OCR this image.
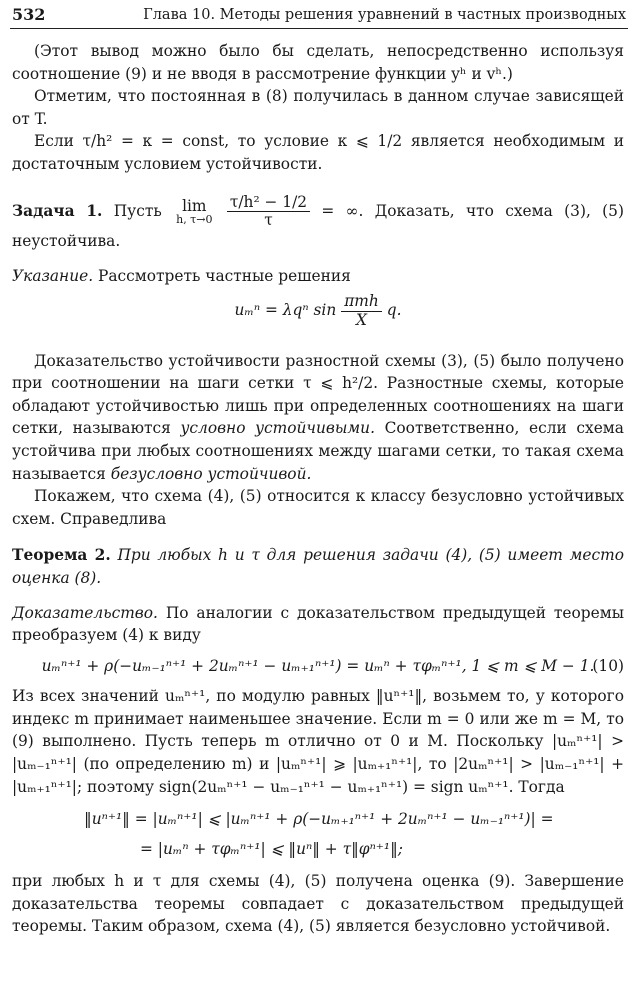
532	Глава 10. Методы решения уравнений в частных производных

(Этот вывод можно было бы сделать, непосредственно используя соотношение (9) и не вводя в рассмотрение функции yʰ и vʰ.)

Отметим, что постоянная в (8) получилась в данном случае зависящей от T.

Если τ/h² = κ = const, то условие κ ⩽ 1/2 является необходимым и достаточным условием устойчивости.

Задача 1. Пусть	lim
h, τ→0
$\frac{\text{τ/h² − 1/2}}{\tau}$ = ∞. Доказать, что схема (3), (5) неустойчива.

Указание. Рассмотреть частные решения

uₘⁿ = λqⁿ $\sin \frac{\text{πmh}}{X} q$.

Доказательство устойчивости разностной схемы (3), (5) было получено при соотношении на шаги сетки τ ⩽ h²/2. Разностные схемы, которые обладают устойчивостью лишь при определенных соотношениях на шаги сетки, называются условно устойчивыми. Соответственно, если схема устойчива при любых соотношениях между шагами сетки, то такая схема называется безусловно устойчивой.

Покажем, что схема (4), (5) относится к классу безусловно устойчивых схем. Справедлива

Теорема 2. При любых h и τ для решения задачи (4), (5) имеет место оценка (8).

Доказательство. По аналогии с доказательством предыдущей теоремы преобразуем (4) к виду

uₘⁿ⁺¹ + ρ(−uₘ₋₁ⁿ⁺¹ + 2uₘⁿ⁺¹ − uₘ₊₁ⁿ⁺¹) = uₘⁿ + τφₘⁿ⁺¹, 1 ⩽ m ⩽ M − 1.
(10)

Из всех значений uₘⁿ⁺¹, по модулю равных ‖uⁿ⁺¹‖, возьмем то, у которого индекс m принимает наименьшее значение. Если m = 0 или же m = M, то (9) выполнено. Пусть теперь m отлично от 0 и M. Поскольку |uₘⁿ⁺¹| > |uₘ₋₁ⁿ⁺¹| (по определению m) и |uₘⁿ⁺¹| ⩾ |uₘ₊₁ⁿ⁺¹|, то |2uₘⁿ⁺¹| > |uₘ₋₁ⁿ⁺¹| + |uₘ₊₁ⁿ⁺¹|; поэтому sign(2uₘⁿ⁺¹ − uₘ₋₁ⁿ⁺¹ − uₘ₊₁ⁿ⁺¹) = sign uₘⁿ⁺¹. Тогда

‖uⁿ⁺¹‖ = |uₘⁿ⁺¹| ⩽ |uₘⁿ⁺¹ + ρ(−uₘ₊₁ⁿ⁺¹ + 2uₘⁿ⁺¹ − uₘ₋₁ⁿ⁺¹)| =
= |uₘⁿ + τφₘⁿ⁺¹| ⩽ ‖uⁿ‖ + τ‖φⁿ⁺¹‖;

при любых h и τ для схемы (4), (5) получена оценка (9). Завершение доказательства теоремы совпадает с доказательством предыдущей теоремы. Таким образом, схема (4), (5) является безусловно устойчивой.
